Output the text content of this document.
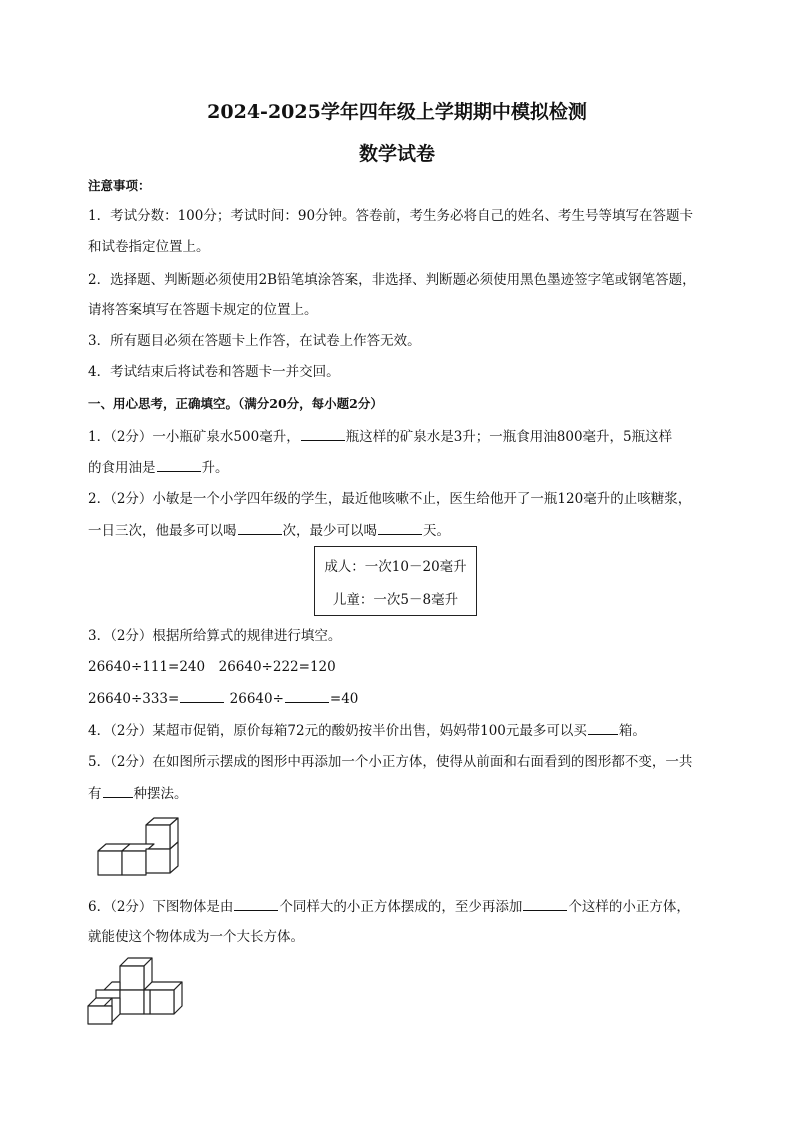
2024-2025学年四年级上学期期中模拟检测
数学试卷
注意事项：
1．考试分数：100分；考试时间：90分钟。答卷前，考生务必将自己的姓名、考生号等填写在答题卡
和试卷指定位置上。
2．选择题、判断题必须使用2B铅笔填涂答案，非选择、判断题必须使用黑色墨迹签字笔或钢笔答题，
请将答案填写在答题卡规定的位置上。
3．所有题目必须在答题卡上作答，在试卷上作答无效。
4．考试结束后将试卷和答题卡一并交回。
一、用心思考，正确填空。（满分20分，每小题2分）
1．（2分）一小瓶矿泉水500毫升，	瓶这样的矿泉水是3升；一瓶食用油800毫升，5瓶这样
的食用油是	升。
2．（2分）小敏是一个小学四年级的学生，最近他咳嗽不止，医生给他开了一瓶120毫升的止咳糖浆，
一日三次，他最多可以喝	次，最少可以喝	天。
成人：一次10－20毫升
儿童：一次5－8毫升
3．（2分）根据所给算式的规律进行填空。
26640÷111=240　26640÷222=120
26640÷333=	26640÷	=40
4．（2分）某超市促销，原价每箱72元的酸奶按半价出售，妈妈带100元最多可以买 箱。
5．（2分）在如图所示摆成的图形中再添加一个小正方体，使得从前面和右面看到的图形都不变，一共
有 种摆法。
6．（2分）下图物体是由	个同样大的小正方体摆成的，至少再添加	个这样的小正方体，
就能使这个物体成为一个大长方体。
